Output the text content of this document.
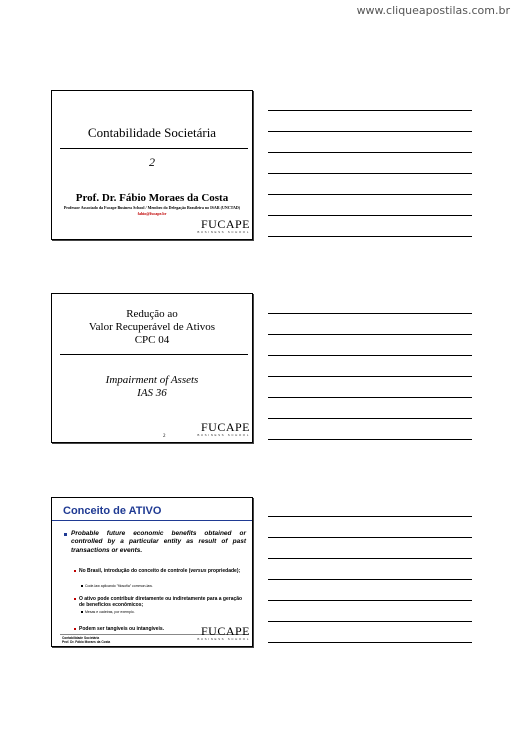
www.cliqueapostilas.com.br
Contabilidade Societária
2
Prof. Dr. Fábio Moraes da Costa
Professor Associado da Fucape Business School / Membro do Delegação Brasileira no ISAR (UNCTAD)
fabio@fucape.br
FUCAPE
BUSINESS SCHOOL
Redução ao
Valor Recuperável de Ativos
CPC 04
Impairment of Assets
IAS 36
2
FUCAPE
BUSINESS SCHOOL
Conceito de ATIVO
Probable future economic benefits obtained or controlled by a particular entity as result of past transactions or events.
No Brasil, introdução do conceito de controle (versus propriedade);
Code-law aplicando "filosofia" common-law.
O ativo pode contribuir diretamente ou indiretamente para a geração de benefícios econômicos;
Mesas e cadeiras, por exemplo.
Podem ser tangíveis ou intangíveis.
Contabilidade Societária
Prof. Dr. Fábio Moraes da Costa
FUCAPE
BUSINESS SCHOOL
